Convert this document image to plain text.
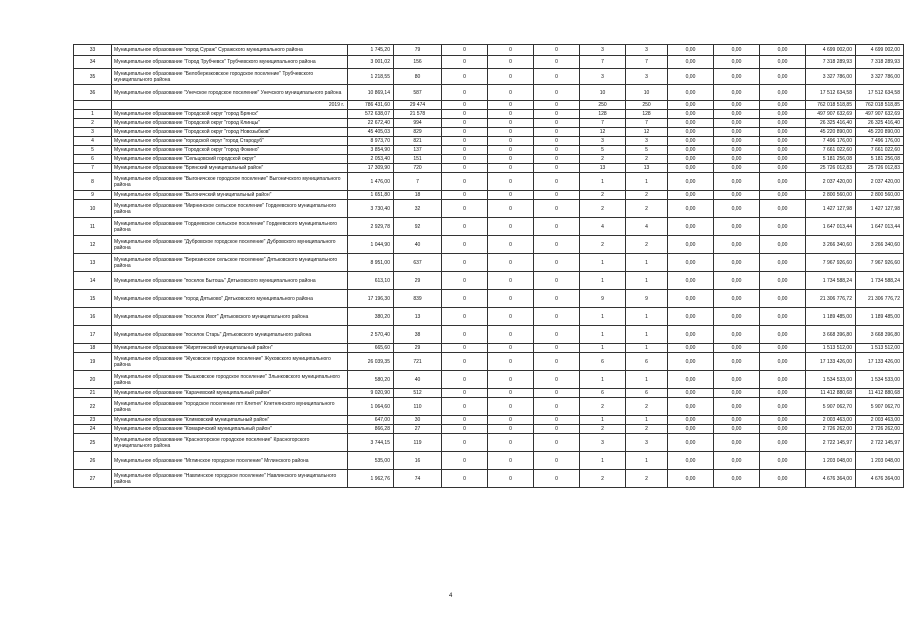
33	Муниципальное образование "город Сураж" Суражского муниципального района	1 745,20	79	0	0	0	3	3	0,00	0,00	0,00	4 699 002,00	4 699 002,00
34	Муниципальное образование "Город Трубчевск" Трубчевского муниципального района	3 001,02	156	0	0	0	7	7	0,00	0,00	0,00	7 318 289,93	7 318 289,93
35	Муниципальное образование "Белоберезковское городское поселение" Трубчевского муниципального района	1 218,55	80	0	0	0	3	3	0,00	0,00	0,00	3 327 786,00	3 327 786,00
36	Муниципальное образование "Унечское городское поселение" Унечского муниципального района	10 869,14	587	0	0	0	10	10	0,00	0,00	0,00	17 512 634,58	17 512 634,58
	2019 г.	786 431,60	29 474	0	0	0	250	250	0,00	0,00	0,00	762 018 518,85	762 018 518,85
1	Муниципальное образование "Городской округ "город Брянск"	572 638,07	21 578	0	0	0	128	128	0,00	0,00	0,00	497 907 632,69	497 907 632,69
2	Муниципальное образование "Городской округ "город Клинцы"	22 672,40	994	0	0	0	7	7	0,00	0,00	0,00	26 325 416,40	26 325 416,40
3	Муниципальное образование "Городской округ "город Новозыбков"	45 405,03	829	0	0	0	12	12	0,00	0,00	0,00	45 220 890,00	45 220 890,00
4	Муниципальное образование "городской округ "город Стародуб"	8 973,70	821	0	0	0	3	3	0,00	0,00	0,00	7 496 176,00	7 496 176,00
5	Муниципальное образование "Городской округ "город Фокино"	3 854,90	137	0	0	0	5	5	0,00	0,00	0,00	7 661 022,60	7 661 022,60
6	Муниципальное образование "Сельцовский городской округ"	2 053,40	151	0	0	0	2	2	0,00	0,00	0,00	5 181 256,08	5 181 256,08
7	Муниципальное образование "Брянский муниципальный район"	17 309,90	720	0	0	0	13	13	0,00	0,00	0,00	25 726 012,83	25 726 012,83
8	Муниципальное образование "Выгоничское городское поселение" Выгоничского муниципального района	1 476,00	7	0	0	0	1	1	0,00	0,00	0,00	2 037 420,00	2 037 420,00
9	Муниципальное образование "Выгоничский муниципальный район"	1 651,80	18	0	0	0	2	2	0,00	0,00	0,00	2 800 560,00	2 800 560,00
10	Муниципальное образование "Мирнинское сельское поселение" Гордеевского муниципального района	3 730,40	32	0	0	0	2	2	0,00	0,00	0,00	1 427 127,98	1 427 127,98
11	Муниципальное образование "Гордеевское сельское поселение" Гордеевского муниципального района	2 929,78	92	0	0	0	4	4	0,00	0,00	0,00	1 647 013,44	1 647 013,44
12	Муниципальное образование "Дубровское городское поселение" Дубровского муниципального района	1 044,90	40	0	0	0	2	2	0,00	0,00	0,00	3 266 340,60	3 266 340,60
13	Муниципальное образование "Березинское сельское поселение" Дятьковского муниципального района	8 951,00	637	0	0	0	1	1	0,00	0,00	0,00	7 967 926,60	7 967 926,60
14	Муниципальное образование "поселок Бытошь" Дятьковского муниципального района	613,10	29	0	0	0	1	1	0,00	0,00	0,00	1 734 588,24	1 734 588,24
15	Муниципальное образование "город Дятьково" Дятьковского муниципального района	17 196,30	839	0	0	0	9	9	0,00	0,00	0,00	21 306 776,72	21 306 776,72
16	Муниципальное образование "поселок Ивот" Дятьковского муниципального района	380,20	13	0	0	0	1	1	0,00	0,00	0,00	1 189 485,00	1 189 485,00
17	Муниципальное образование "поселок Старь" Дятьковского муниципального района	2 570,40	38	0	0	0	1	1	0,00	0,00	0,00	3 668 396,80	3 668 396,80
18	Муниципальное образование "Жирятинский муниципальный район"	665,60	29	0	0	0	1	1	0,00	0,00	0,00	1 513 512,00	1 513 512,00
19	Муниципальное образование "Жуковское городское поселение" Жуковского муниципального района	26 039,35	721	0	0	0	6	6	0,00	0,00	0,00	17 133 426,00	17 133 426,00
20	Муниципальное образование "Вышковское городское поселение" Злынковского муниципального района	580,20	40	0	0	0	1	1	0,00	0,00	0,00	1 534 533,00	1 534 533,00
21	Муниципальное образование "Карачевский муниципальный район"	9 020,90	512	0	0	0	6	6	0,00	0,00	0,00	11 412 880,68	11 412 880,68
22	Муниципальное образование "городское поселение пгт Клетня" Клетнянского муниципального района	1 064,60	110	0	0	0	2	2	0,00	0,00	0,00	5 907 062,70	5 907 062,70
23	Муниципальное образование "Климовский муниципальный район"	647,00	30	0	0	0	1	1	0,00	0,00	0,00	2 003 463,00	2 003 463,00
24	Муниципальное образование "Комаричский муниципальный район"	866,28	27	0	0	0	2	2	0,00	0,00	0,00	2 726 262,00	2 726 262,00
25	Муниципальное образование "Красногорское городское поселение" Красногорского муниципального района	3 744,15	119	0	0	0	3	3	0,00	0,00	0,00	2 722 145,97	2 722 145,97
26	Муниципальное образование "Мглинское городское поселение" Мглинского района	535,00	16	0	0	0	1	1	0,00	0,00	0,00	1 203 048,00	1 203 048,00
27	Муниципальное образование "Навлинское городское поселение" Навлинского муниципального района	1 962,76	74	0	0	0	2	2	0,00	0,00	0,00	4 676 364,00	4 676 364,00
4
